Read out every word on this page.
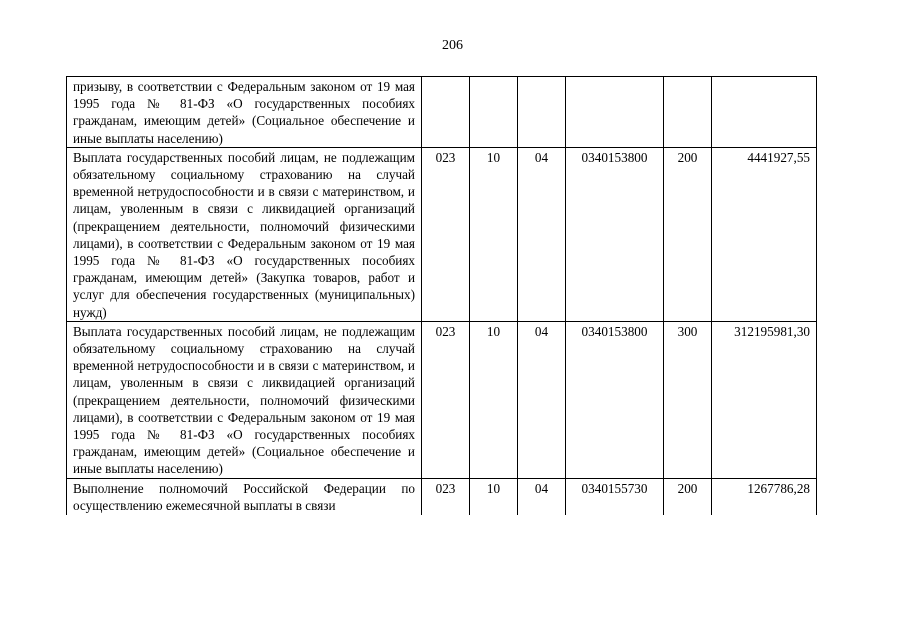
206
призыву, в соответствии с Федеральным законом от 19 мая 1995 года № 81-ФЗ «О государственных пособиях гражданам, имеющим детей» (Социальное обеспечение и иные выплаты населению)						
Выплата государственных пособий лицам, не подлежащим обязательному социальному страхованию на случай временной нетрудоспособности и в связи с материнством, и лицам, уволенным в связи с ликвидацией организаций (прекращением деятельности, полномочий физическими лицами), в соответствии с Федеральным законом от 19 мая 1995 года № 81-ФЗ «О государственных пособиях гражданам, имеющим детей» (Закупка товаров, работ и услуг для обеспечения государственных (муниципальных) нужд)	023	10	04	0340153800	200	4441927,55
Выплата государственных пособий лицам, не подлежащим обязательному социальному страхованию на случай временной нетрудоспособности и в связи с материнством, и лицам, уволенным в связи с ликвидацией организаций (прекращением деятельности, полномочий физическими лицами), в соответствии с Федеральным законом от 19 мая 1995 года № 81-ФЗ «О государственных пособиях гражданам, имеющим детей» (Социальное обеспечение и иные выплаты населению)	023	10	04	0340153800	300	312195981,30

Выполнение полномочий Российской Федерации по осуществлению ежемесячной выплаты в связи	023	10	04	0340155730	200	1267786,28
